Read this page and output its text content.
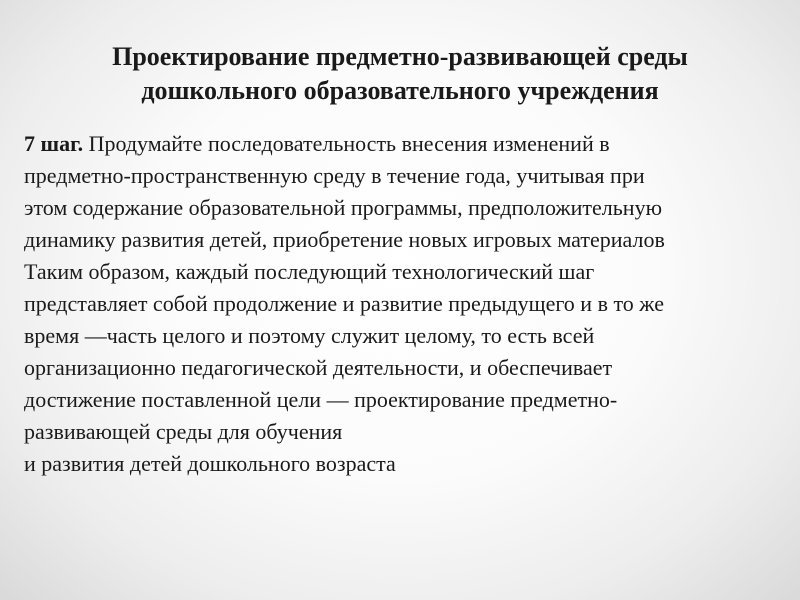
Проектирование предметно-развивающей среды
дошкольного образовательного учреждения
7 шаг. Продумайте последовательность внесения изменений в
предметно-пространственную среду в течение года, учитывая при
этом содержание образовательной программы, предположительную
динамику развития детей, приобретение новых игровых материалов
Таким образом, каждый последующий технологический шаг
представляет собой продолжение и развитие предыдущего и в то же
время —часть целого и поэтому служит целому, то есть всей
организационно педагогической деятельности, и обеспечивает
достижение поставленной цели — проектирование предметно-
развивающей среды для обучения
и развития детей дошкольного возраста
